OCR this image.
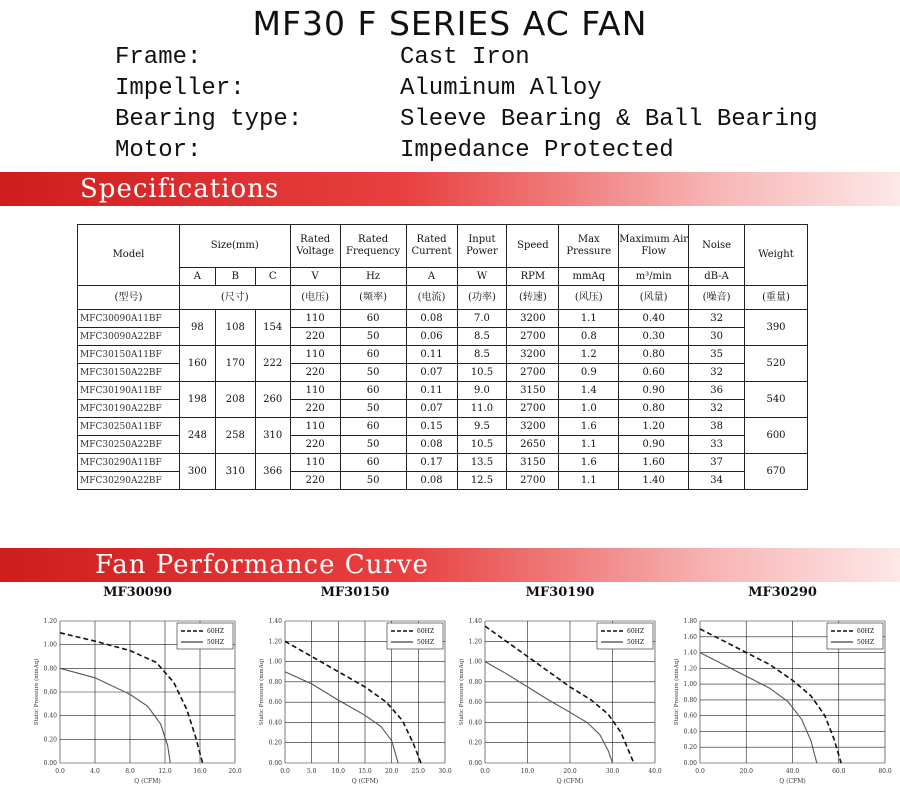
MF30 F SERIES AC FAN
Frame:	Cast Iron
Impeller:	Aluminum Alloy
Bearing type:	Sleeve Bearing & Ball Bearing
Motor:	Impedance Protected
Specifications
Model	Size(mm)			Rated Voltage	Rated Frequency	Rated Current	Input Power	Speed	Max Pressure	Maximum Air Flow	Noise	Weight
	A	B	C	V	Hz	A	W	RPM	mmAq	m³/min	dB-A	
(型号)	(尺寸)			(电压)	(频率)	(电流)	(功率)	(转速)	(风压)	(风量)	(噪音)	(重量)
MFC30090A11BF	98	108	154	110	60	0.08	7.0	3200	1.1	0.40	32	390
MFC30090A22BF				220	50	0.06	8.5	2700	0.8	0.30	30	
MFC30150A11BF	160	170	222	110	60	0.11	8.5	3200	1.2	0.80	35	520
MFC30150A22BF				220	50	0.07	10.5	2700	0.9	0.60	32	
MFC30190A11BF	198	208	260	110	60	0.11	9.0	3150	1.4	0.90	36	540
MFC30190A22BF				220	50	0.07	11.0	2700	1.0	0.80	32	
MFC30250A11BF	248	258	310	110	60	0.15	9.5	3200	1.6	1.20	38	600
MFC30250A22BF				220	50	0.08	10.5	2650	1.1	0.90	33	
MFC30290A11BF	300	310	366	110	60	0.17	13.5	3150	1.6	1.60	37	670
MFC30290A22BF				220	50	0.08	12.5	2700	1.1	1.40	34	
Fan Performance Curve
MF30090
0.0	4.0	8.0	12.0	16.0	20.0
0.00
0.20
0.40
0.60
0.80
1.00
1.20
Q (CFM)
Static Pressure (mmAq)
60HZ
50HZ
MF30150
0.0	5.0	10.0 15.0 20.0 25.0 30.0
0.00
0.20
0.40
0.60
0.80
1.00
1.20
1.40
Q (CFM)
Static Pressure (mmAq)
60HZ
50HZ
MF30190
0.0	10.0	20.0	30.0	40.0
0.00
0.20
0.40
0.60
0.80
1.00
1.20
1.40
Q (CFM)
Static Pressure (mmAq)
60HZ
50HZ
MF30290
0.0	20.0	40.0	60.0	80.0
0.00
0.20
0.40
0.60
0.80
1.00
1.20
1.40
1.60
1.80
Q (CFM)
Static Pressure (mmAq)
60HZ
50HZ
